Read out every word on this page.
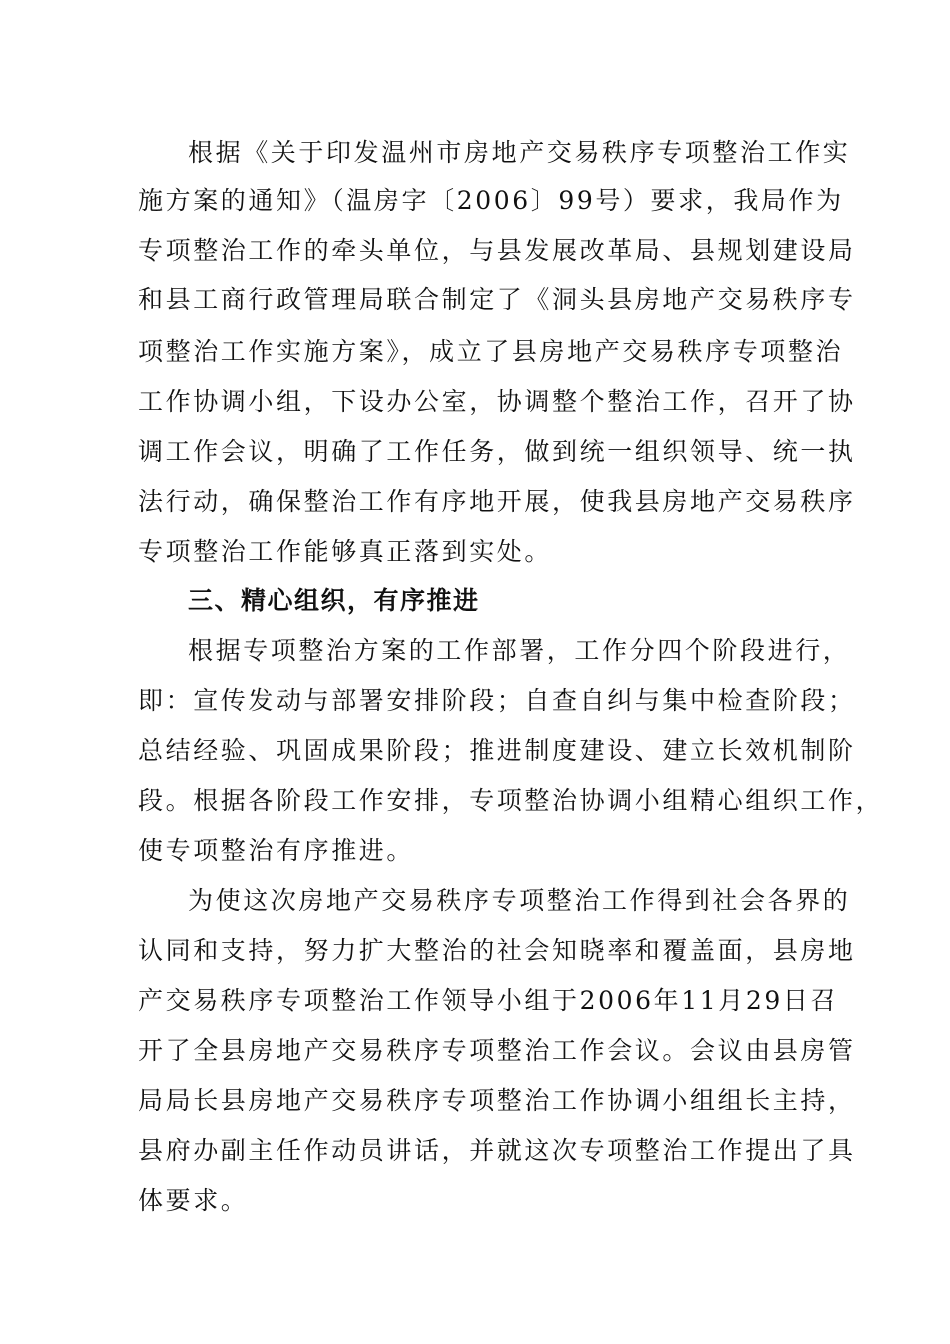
根据《关于印发温州市房地产交易秩序专项整治工作实
施方案的通知》（温房字〔2006〕99号）要求，我局作为
专项整治工作的牵头单位，与县发展改革局、县规划建设局
和县工商行政管理局联合制定了《洞头县房地产交易秩序专
项整治工作实施方案》，成立了县房地产交易秩序专项整治
工作协调小组，下设办公室，协调整个整治工作，召开了协
调工作会议，明确了工作任务，做到统一组织领导、统一执
法行动，确保整治工作有序地开展，使我县房地产交易秩序
专项整治工作能够真正落到实处。
三、精心组织，有序推进
根据专项整治方案的工作部署，工作分四个阶段进行，
即：宣传发动与部署安排阶段；自查自纠与集中检查阶段；
总结经验、巩固成果阶段；推进制度建设、建立长效机制阶
段。根据各阶段工作安排，专项整治协调小组精心组织工作，
使专项整治有序推进。
为使这次房地产交易秩序专项整治工作得到社会各界的
认同和支持，努力扩大整治的社会知晓率和覆盖面，县房地
产交易秩序专项整治工作领导小组于2006年11月29日召
开了全县房地产交易秩序专项整治工作会议。会议由县房管
局局长县房地产交易秩序专项整治工作协调小组组长主持，
县府办副主任作动员讲话，并就这次专项整治工作提出了具
体要求。
